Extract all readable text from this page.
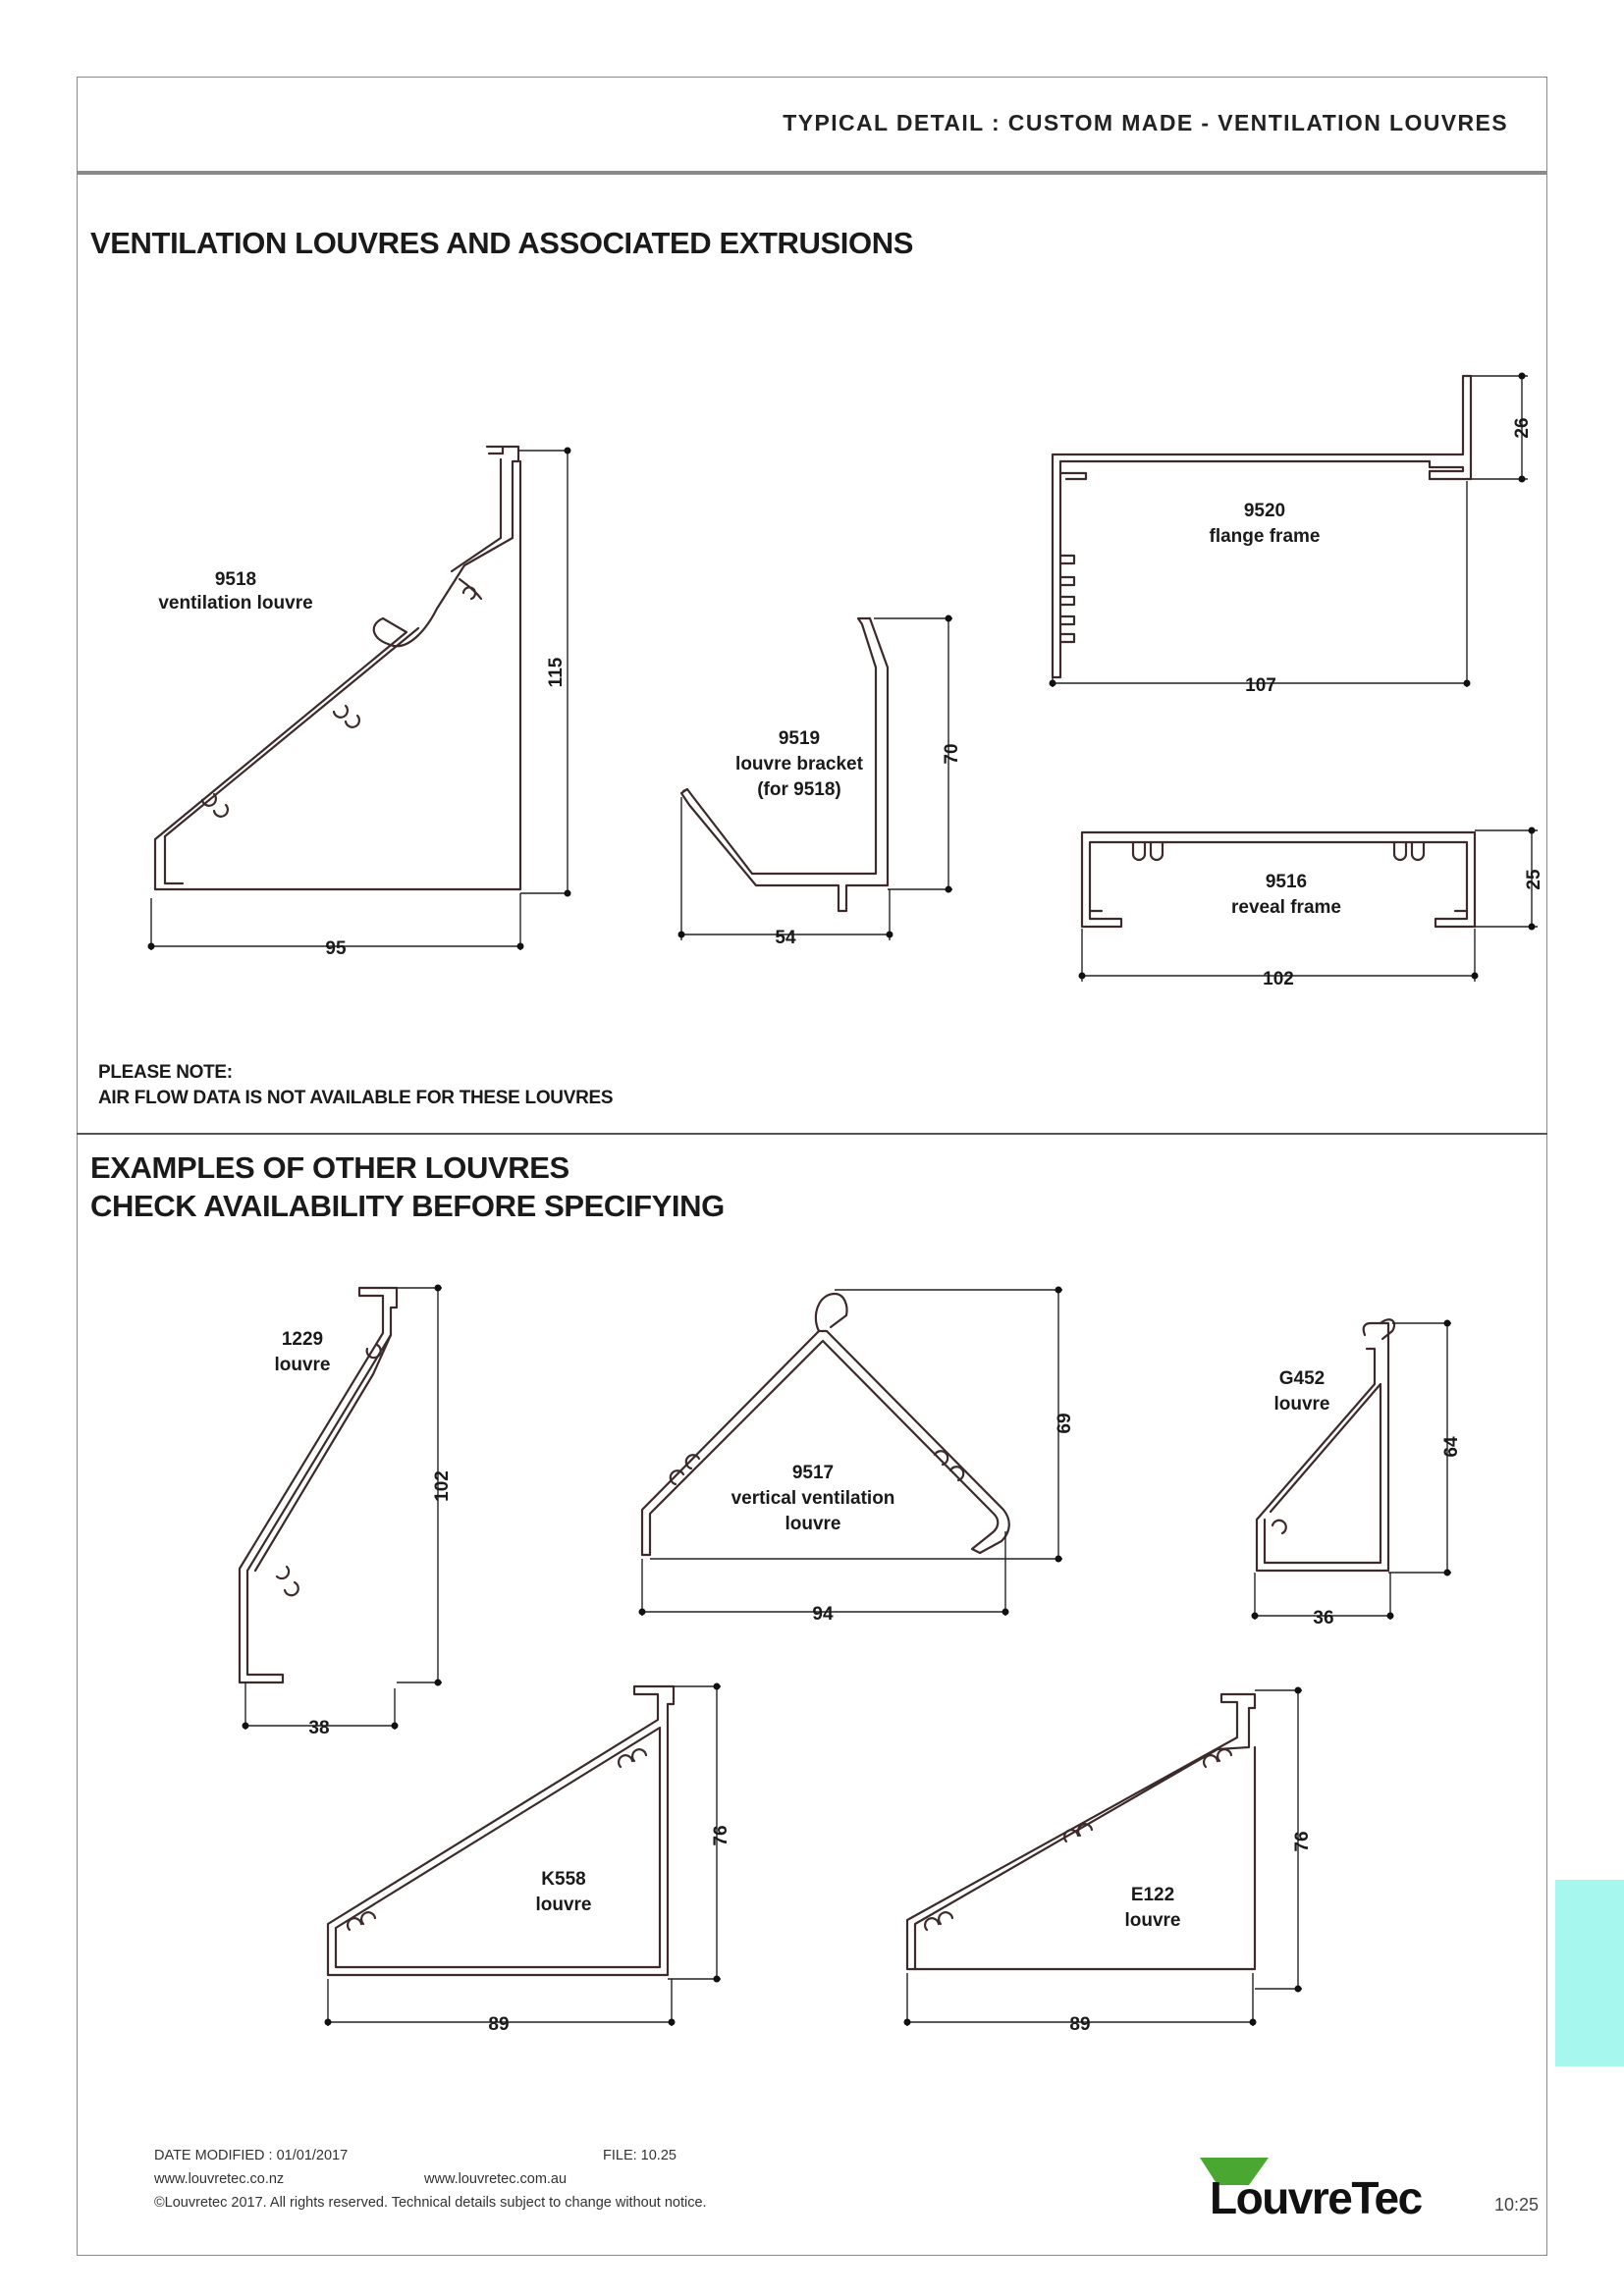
TYPICAL DETAIL : CUSTOM MADE - VENTILATION LOUVRES
VENTILATION LOUVRES AND ASSOCIATED EXTRUSIONS
PLEASE NOTE:
AIR FLOW DATA IS NOT AVAILABLE FOR THESE LOUVRES
EXAMPLES OF OTHER LOUVRES
CHECK AVAILABILITY BEFORE SPECIFYING
9518
ventilation louvre
115
95
9519
louvre bracket
(for 9518)
70
54
9520
flange frame
26
107
9516
reveal frame
25
102
1229
louvre
102
38
9517
vertical ventilation
louvre
69
94
G452
louvre
64
36
K558
louvre
76
89
E122
louvre
76
89
DATE MODIFIED : 01/01/2017	FILE: 10.25
www.louvretec.co.nz	www.louvretec.com.au
©Louvretec 2017. All rights reserved. Technical details subject to change without notice.	LouvreTec	10:25
